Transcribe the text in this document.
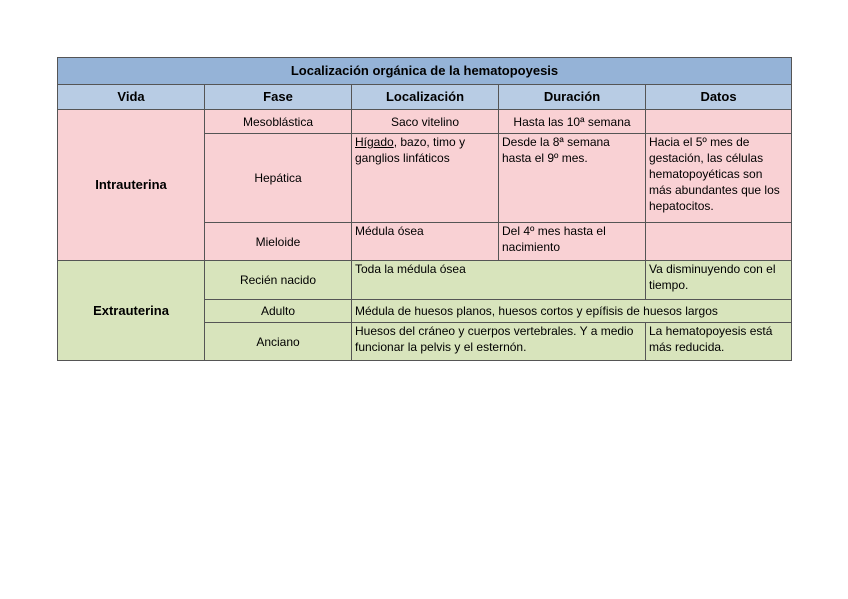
Localización orgánica de la hematopoyesis				
Vida	Fase	Localización	Duración	Datos
Intrauterina	Mesoblástica	Saco vitelino	Hasta las 10ª semana	
	Hepática	Hígado, bazo, timo y ganglios linfáticos	Desde la 8ª semana hasta el 9º mes.	Hacia el 5º mes de gestación, las células hematopoyéticas son más abundantes que los hepatocitos.
	Mieloide	Médula ósea	Del 4º mes hasta el nacimiento	
Extrauterina	Recién nacido	Toda la médula ósea		Va disminuyendo con el tiempo.
	Adulto	Médula de huesos planos, huesos cortos y epífisis de huesos largos		
	Anciano	Huesos del cráneo y cuerpos vertebrales. Y a medio funcionar la pelvis y el esternón.		La hematopoyesis está más reducida.
